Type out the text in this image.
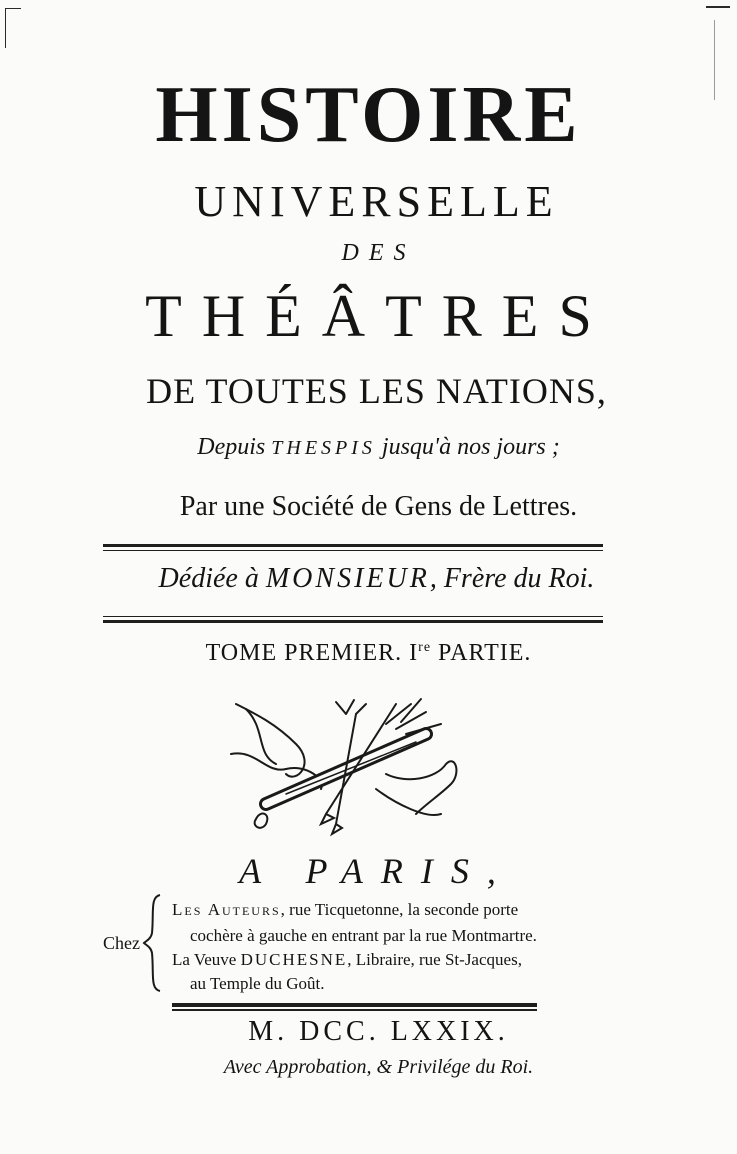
HISTOIRE
UNIVERSELLE
DES
THÉÂTRES
DE TOUTES LES NATIONS,
Depuis THESPIS jusqu'à nos jours ;
Par une Société de Gens de Lettres.
Dédiée à MONSIEUR, Frère du Roi.
TOME PREMIER. Ire PARTIE.
A PARIS,
Chez
Les Auteurs, rue Ticquetonne, la seconde porte
cochère à gauche en entrant par la rue Montmartre.
La Veuve DUCHESNE, Libraire, rue St-Jacques,
au Temple du Goût.
M. DCC. LXXIX.
Avec Approbation, & Privilége du Roi.
